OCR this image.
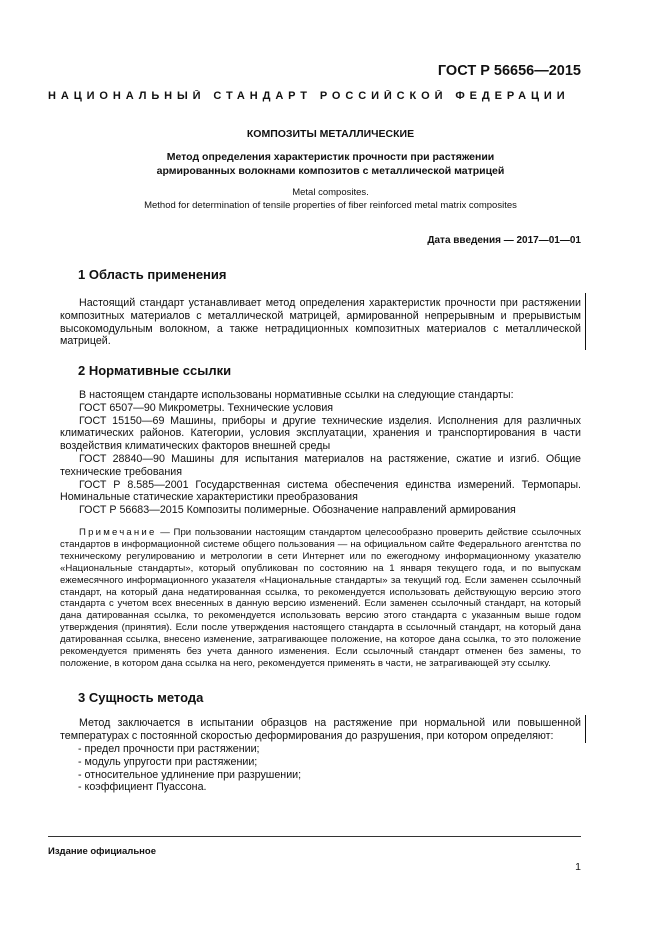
ГОСТ Р 56656—2015
НАЦИОНАЛЬНЫЙ СТАНДАРТ РОССИЙСКОЙ ФЕДЕРАЦИИ
КОМПОЗИТЫ МЕТАЛЛИЧЕСКИЕ
Метод определения характеристик прочности при растяжении
армированных волокнами композитов с металлической матрицей
Metal composites.
Method for determination of tensile properties of fiber reinforced metal matrix composites
Дата введения — 2017—01—01
1 Область применения

Настоящий стандарт устанавливает метод определения характеристик прочности при растяжении композитных материалов с металлической матрицей, армированной непрерывным и прерывистым высокомодульным волокном, а также нетрадиционных композитных материалов с металлической матрицей.

2 Нормативные ссылки

В настоящем стандарте использованы нормативные ссылки на следующие стандарты:

ГОСТ 6507—90 Микрометры. Технические условия

ГОСТ 15150—69 Машины, приборы и другие технические изделия. Исполнения для различных климатических районов. Категории, условия эксплуатации, хранения и транспортирования в части воздействия климатических факторов внешней среды

ГОСТ 28840—90 Машины для испытания материалов на растяжение, сжатие и изгиб. Общие технические требования

ГОСТ Р 8.585—2001 Государственная система обеспечения единства измерений. Термопары. Номинальные статические характеристики преобразования

ГОСТ Р 56683—2015 Композиты полимерные. Обозначение направлений армирования

Примечание — При пользовании настоящим стандартом целесообразно проверить действие ссылочных стандартов в информационной системе общего пользования — на официальном сайте Федерального агентства по техническому регулированию и метрологии в сети Интернет или по ежегодному информационному указателю «Национальные стандарты», который опубликован по состоянию на 1 января текущего года, и по выпускам ежемесячного информационного указателя «Национальные стандарты» за текущий год. Если заменен ссылочный стандарт, на который дана недатированная ссылка, то рекомендуется использовать действующую версию этого стандарта с учетом всех внесенных в данную версию изменений. Если заменен ссылочный стандарт, на который дана датированная ссылка, то рекомендуется использовать версию этого стандарта с указанным выше годом утверждения (принятия). Если после утверждения настоящего стандарта в ссылочный стандарт, на который дана датированная ссылка, внесено изменение, затрагивающее положение, на которое дана ссылка, то это положение рекомендуется применять без учета данного изменения. Если ссылочный стандарт отменен без замены, то положение, в котором дана ссылка на него, рекомендуется применять в части, не затрагивающей эту ссылку.
3 Сущность метода

Метод заключается в испытании образцов на растяжение при нормальной или повышенной температурах с постоянной скоростью деформирования до разрушения, при котором определяют:

- предел прочности при растяжении;
- модуль упругости при растяжении;
- относительное удлинение при разрушении;
- коэффициент Пуассона.
Издание официальное
1
